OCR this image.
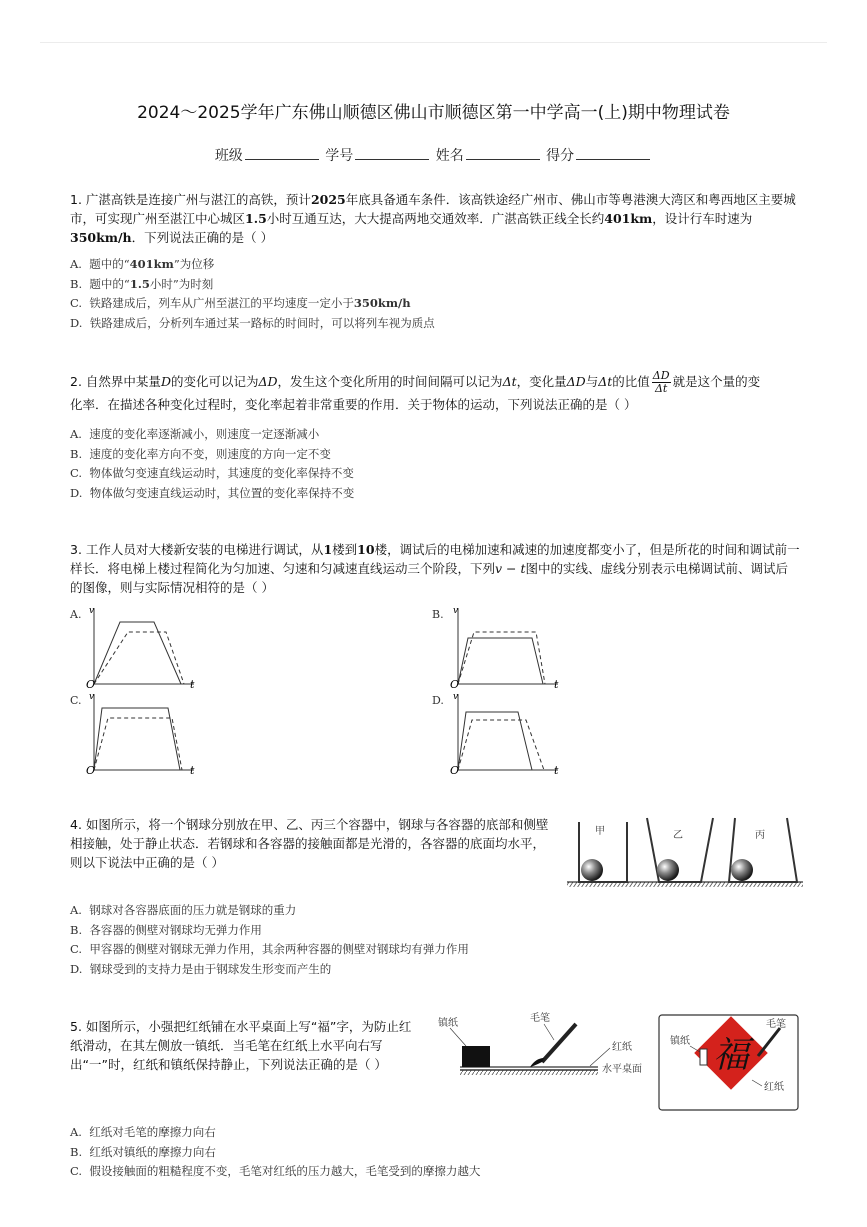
2024～2025学年广东佛山顺德区佛山市顺德区第一中学高一(上)期中物理试卷
班级	学号	姓名	得分

1. 广湛高铁是连接广州与湛江的高铁，预计2025年底具备通车条件．该高铁途经广州市、佛山市等粤港澳大湾区和粤西地区主要城市，可实现广州至湛江中心城区1.5小时互通互达，大大提高两地交通效率．广湛高铁正线全长约401km，设计行车时速为
350km/h．下列说法正确的是（ ）

A. 题中的“401km”为位移
B. 题中的“1.5小时”为时刻
C. 铁路建成后，列车从广州至湛江的平均速度一定小于350km/h
D. 铁路建成后，分析列车通过某一路标的时间时，可以将列车视为质点

2. 自然界中某量D的变化可以记为ΔD，发生这个变化所用的时间间隔可以记为Δt，变化量ΔD与Δt的比值 $\frac{\Delta D}{\Delta t}$ 就是这个量的变
化率．在描述各种变化过程时，变化率起着非常重要的作用．关于物体的运动，下列说法正确的是（ ）

A. 速度的变化率逐渐减小，则速度一定逐渐减小
B. 速度的变化率方向不变，则速度的方向一定不变
C. 物体做匀变速直线运动时，其速度的变化率保持不变
D. 物体做匀变速直线运动时，其位置的变化率保持不变

3. 工作人员对大楼新安装的电梯进行调试，从1楼到10楼，调试后的电梯加速和减速的加速度都变小了，但是所花的时间和调试前一样长．将电梯上楼过程简化为匀加速、匀速和匀减速直线运动三个阶段，下列v − t图中的实线、虚线分别表示电梯调试前、调试后的图像，则与实际情况相符的是（ ）

A.	B.
C.	D.
v
t
O
v
t
O
v
t
O
v
t
O

4. 如图所示，将一个钢球分别放在甲、乙、丙三个容器中，钢球与各容器的底部和侧壁相接触，处于静止状态．若钢球和各容器的接触面都是光滑的，各容器的底面均水平，则以下说法中正确的是（ ）

甲	乙	丙
A. 钢球对各容器底面的压力就是钢球的重力
B. 各容器的侧壁对钢球均无弹力作用
C. 甲容器的侧壁对钢球无弹力作用，其余两种容器的侧壁对钢球均有弹力作用
D. 钢球受到的支持力是由于钢球发生形变而产生的

5. 如图所示，小强把红纸铺在水平桌面上写“福”字，为防止红纸滑动，在其左侧放一镇纸．当毛笔在红纸上水平向右写出“一”时，红纸和镇纸保持静止，下列说法正确的是（ ）

镇纸	毛笔
红纸
水平桌面 福
毛笔
镇纸
红纸
A. 红纸对毛笔的摩擦力向右
B. 红纸对镇纸的摩擦力向右
C. 假设接触面的粗糙程度不变，毛笔对红纸的压力越大，毛笔受到的摩擦力越大
